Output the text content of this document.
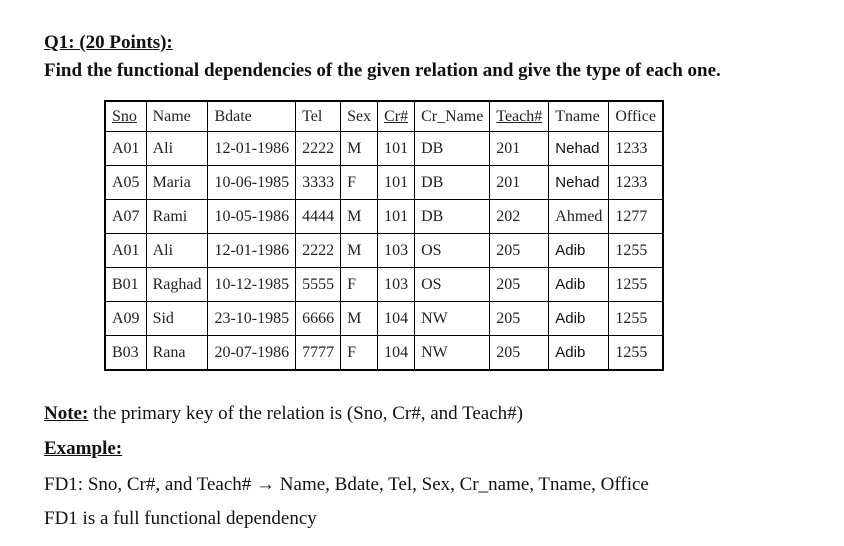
Q1: (20 Points):
Find the functional dependencies of the given relation and give the type of each one.
Sno	Name	Bdate	Tel	Sex	Cr#	Cr_Name	Teach#	Tname	Office
A01	Ali	12-01-1986	2222	M	101	DB	201	Nehad	1233
A05	Maria	10-06-1985	3333	F	101	DB	201	Nehad	1233
A07	Rami	10-05-1986	4444	M	101	DB	202	Ahmed	1277
A01	Ali	12-01-1986	2222	M	103	OS	205	Adib	1255
B01	Raghad	10-12-1985	5555	F	103	OS	205	Adib	1255
A09	Sid	23-10-1985	6666	M	104	NW	205	Adib	1255
B03	Rana	20-07-1986	7777	F	104	NW	205	Adib	1255
Note: the primary key of the relation is (Sno, Cr#, and Teach#)
Example:
FD1: Sno, Cr#, and Teach# → Name, Bdate, Tel, Sex, Cr_name, Tname, Office
FD1 is a full functional dependency
